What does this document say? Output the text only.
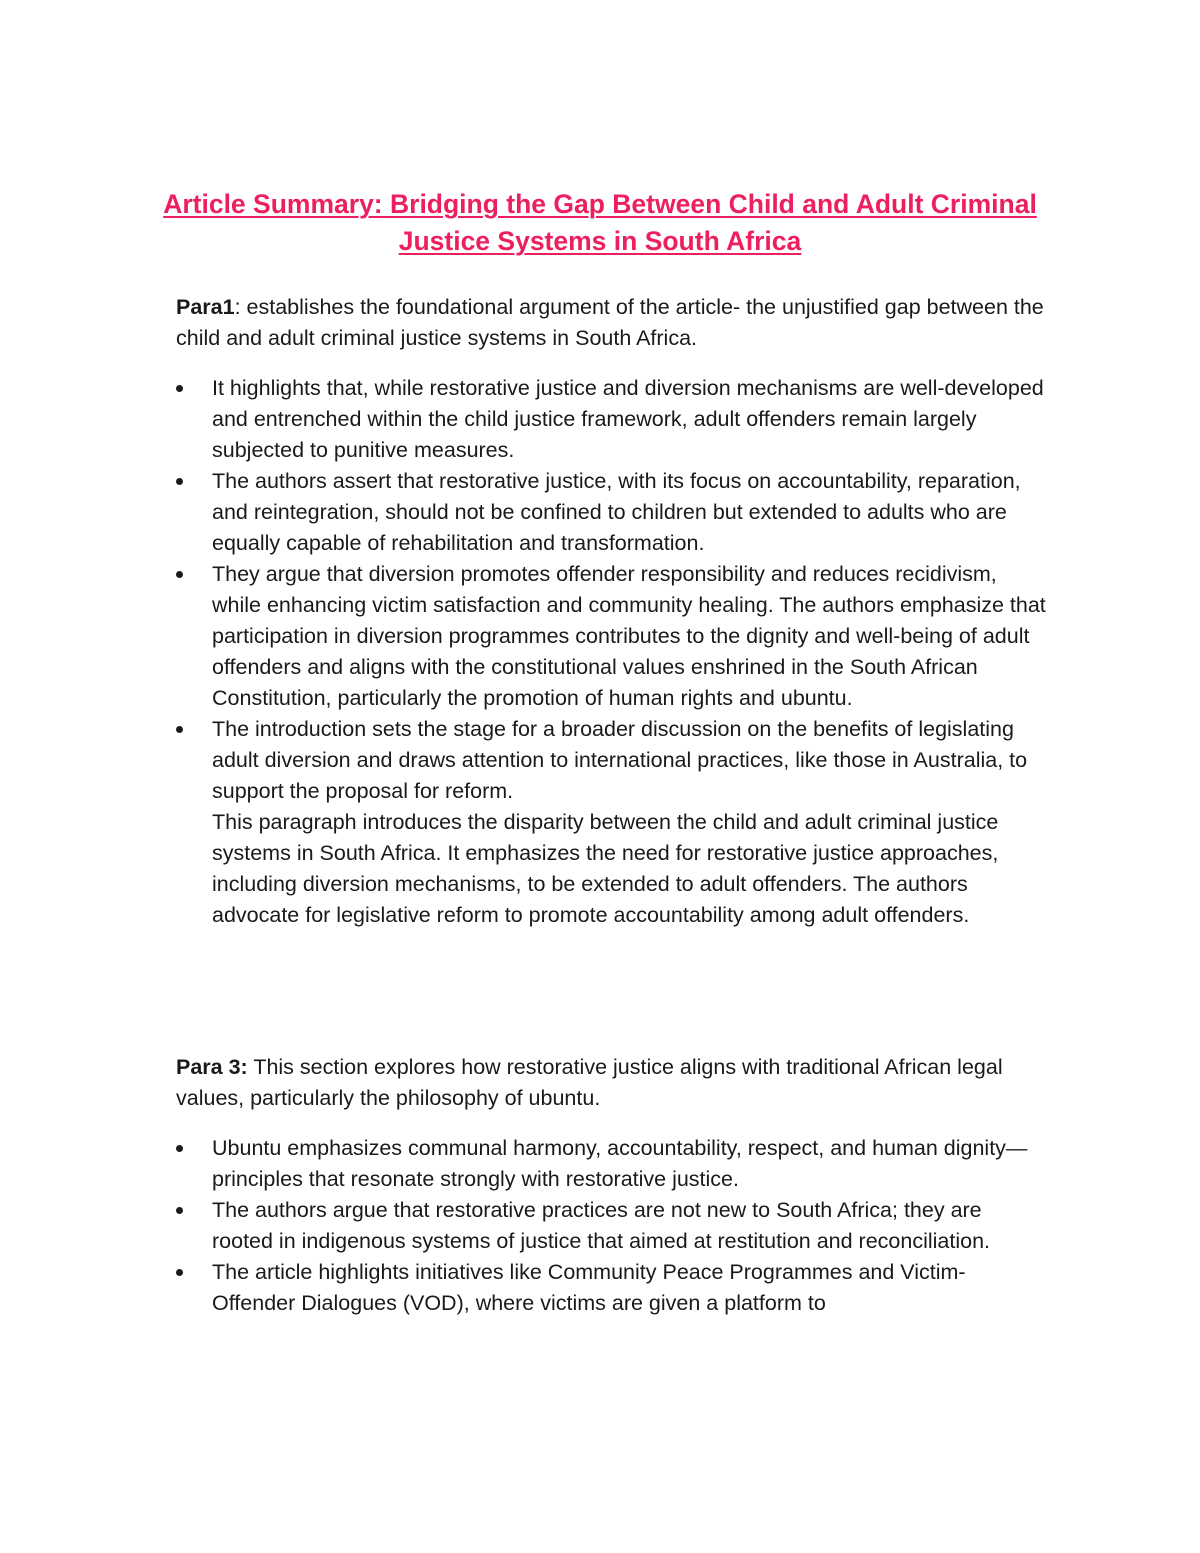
Article Summary: Bridging the Gap Between Child and Adult Criminal Justice Systems in South Africa

Para1: establishes the foundational argument of the article- the unjustified gap between the child and adult criminal justice systems in South Africa.

It highlights that, while restorative justice and diversion mechanisms are well-developed and entrenched within the child justice framework, adult offenders remain largely subjected to punitive measures.
The authors assert that restorative justice, with its focus on accountability, reparation, and reintegration, should not be confined to children but extended to adults who are equally capable of rehabilitation and transformation.
They argue that diversion promotes offender responsibility and reduces recidivism, while enhancing victim satisfaction and community healing. The authors emphasize that participation in diversion programmes contributes to the dignity and well-being of adult offenders and aligns with the constitutional values enshrined in the South African Constitution, particularly the promotion of human rights and ubuntu.
The introduction sets the stage for a broader discussion on the benefits of legislating adult diversion and draws attention to international practices, like those in Australia, to support the proposal for reform.
This paragraph introduces the disparity between the child and adult criminal justice systems in South Africa. It emphasizes the need for restorative justice approaches, including diversion mechanisms, to be extended to adult offenders. The authors advocate for legislative reform to promote accountability among adult offenders.

Para 3: This section explores how restorative justice aligns with traditional African legal values, particularly the philosophy of ubuntu.

Ubuntu emphasizes communal harmony, accountability, respect, and human dignity—principles that resonate strongly with restorative justice.
The authors argue that restorative practices are not new to South Africa; they are rooted in indigenous systems of justice that aimed at restitution and reconciliation.
The article highlights initiatives like Community Peace Programmes and Victim-Offender Dialogues (VOD), where victims are given a platform to
